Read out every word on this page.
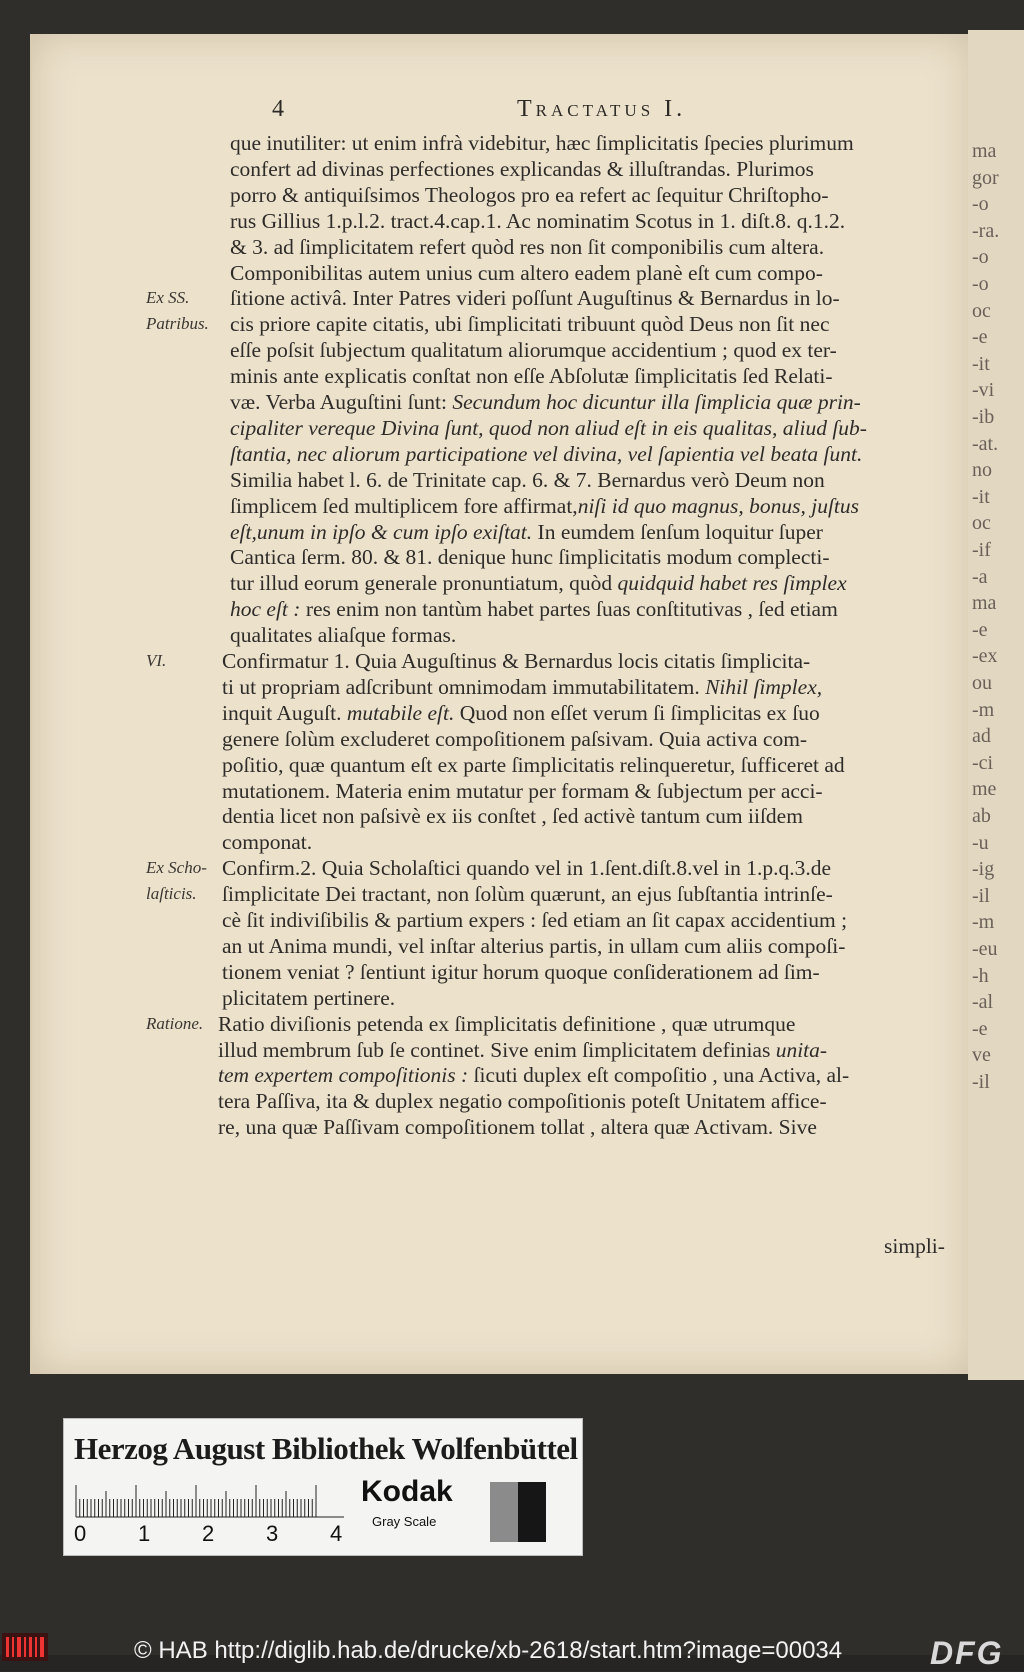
4	Tractatus I.
que inutiliter: ut enim infrà videbitur, hæc ſimplicitatis ſpecies plurimum
confert ad divinas perfectiones explicandas & illuſtrandas. Plurimos
porro & antiquiſsimos Theologos pro ea refert ac ſequitur Chriſtopho-
rus Gillius 1.p.l.2. tract.4.cap.1. Ac nominatim Scotus in 1. diſt.8. q.1.2.
& 3. ad ſimplicitatem refert quòd res non ſit componibilis cum altera.
Componibilitas autem unius cum altero eadem planè eſt cum compo-
ſitione activâ. Inter Patres videri poſſunt Auguſtinus & Bernardus in lo-
cis priore capite citatis, ubi ſimplicitati tribuunt quòd Deus non ſit nec
eſſe poſsit ſubjectum qualitatum aliorumque accidentium ; quod ex ter-
minis ante explicatis conſtat non eſſe Abſolutæ ſimplicitatis ſed Relati-
væ. Verba Auguſtini ſunt: Secundum hoc dicuntur illa ſimplicia quæ prin-
cipaliter vereque Divina ſunt, quod non aliud eſt in eis qualitas, aliud ſub-
ſtantia, nec aliorum participatione vel divina, vel ſapientia vel beata ſunt.
Similia habet l. 6. de Trinitate cap. 6. & 7. Bernardus verò Deum non
ſimplicem ſed multiplicem fore affirmat,niſi id quo magnus, bonus, juſtus
eſt,unum in ipſo & cum ipſo exiſtat. In eumdem ſenſum loquitur ſuper
Cantica ſerm. 80. & 81. denique hunc ſimplicitatis modum complecti-
tur illud eorum generale pronuntiatum, quòd quidquid habet res ſimplex
hoc eſt : res enim non tantùm habet partes ſuas conſtitutivas , ſed etiam
qualitates aliaſque formas.
Confirmatur 1. Quia Auguſtinus & Bernardus locis citatis ſimplicita-
ti ut propriam adſcribunt omnimodam immutabilitatem. Nihil ſimplex,
inquit Auguſt. mutabile eſt. Quod non eſſet verum ſi ſimplicitas ex ſuo
genere ſolùm excluderet compoſitionem paſsivam. Quia activa com-
poſitio, quæ quantum eſt ex parte ſimplicitatis relinqueretur, ſufficeret ad
mutationem. Materia enim mutatur per formam & ſubjectum per acci-
dentia licet non paſsivè ex iis conſtet , ſed activè tantum cum iiſdem
componat.
Confirm.2. Quia Scholaſtici quando vel in 1.ſent.diſt.8.vel in 1.p.q.3.de
ſimplicitate Dei tractant, non ſolùm quærunt, an ejus ſubſtantia intrinſe-
cè ſit indiviſibilis & partium expers : ſed etiam an ſit capax accidentium ;
an ut Anima mundi, vel inſtar alterius partis, in ullam cum aliis compoſi-
tionem veniat ? ſentiunt igitur horum quoque conſiderationem ad ſim-
plicitatem pertinere.
Ratio diviſionis petenda ex ſimplicitatis definitione , quæ utrumque
illud membrum ſub ſe continet. Sive enim ſimplicitatem definias unita-
tem expertem compoſitionis : ſicuti duplex eſt compoſitio , una Activa, al-
tera Paſſiva, ita & duplex negatio compoſitionis poteſt Unitatem affice-
re, una quæ Paſſivam compoſitionem tollat , altera quæ Activam. Sive
Ex SS.
Patribus.
VI.
Ex Scho-
laſticis.
Ratione.
simpli-
ma
gor
-o
-ra.
-o
-o
oc
-e
-it
-vi
-ib
-at.
no
-it
oc
-if
-a
ma
-e
-ex
ou
-m
ad
-ci
me
ab
-u
-ig
-il
-m
-eu
-h
-al
-e
ve
-il
Herzog August Bibliothek Wolfenbüttel
0 1 2 3 4
Kodak
Gray Scale
© HAB http://diglib.hab.de/drucke/xb-2618/start.htm?image=00034	DFG
